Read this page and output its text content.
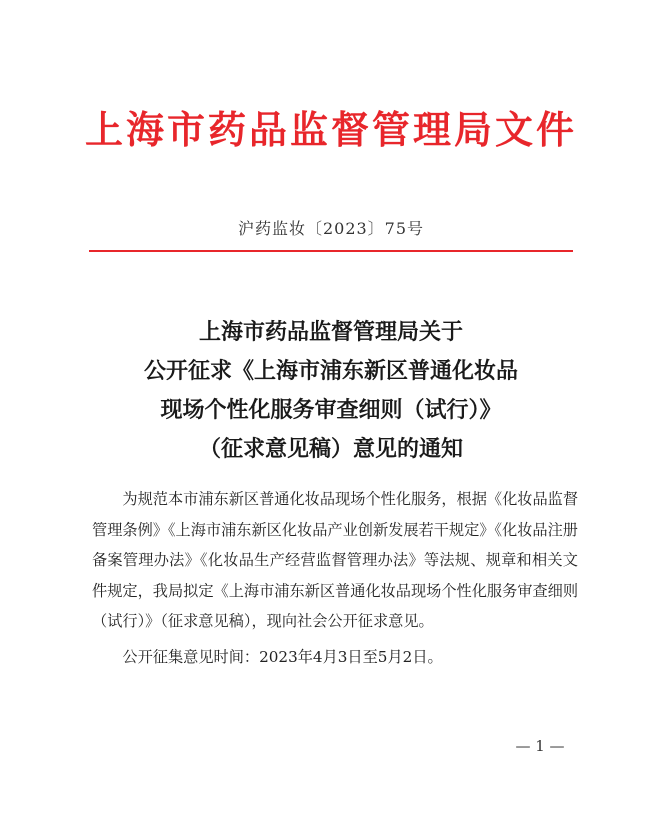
上海市药品监督管理局文件
沪药监妆〔2023〕75号
上海市药品监督管理局关于
公开征求《上海市浦东新区普通化妆品
现场个性化服务审查细则（试行）》
（征求意见稿）意见的通知

为规范本市浦东新区普通化妆品现场个性化服务，根据《化妆品监督管理条例》《上海市浦东新区化妆品产业创新发展若干规定》《化妆品注册备案管理办法》《化妆品生产经营监督管理办法》等法规、规章和相关文件规定，我局拟定《上海市浦东新区普通化妆品现场个性化服务审查细则（试行）》（征求意见稿），现向社会公开征求意见。

公开征集意见时间：2023年4月3日至5月2日。

— 1 —
